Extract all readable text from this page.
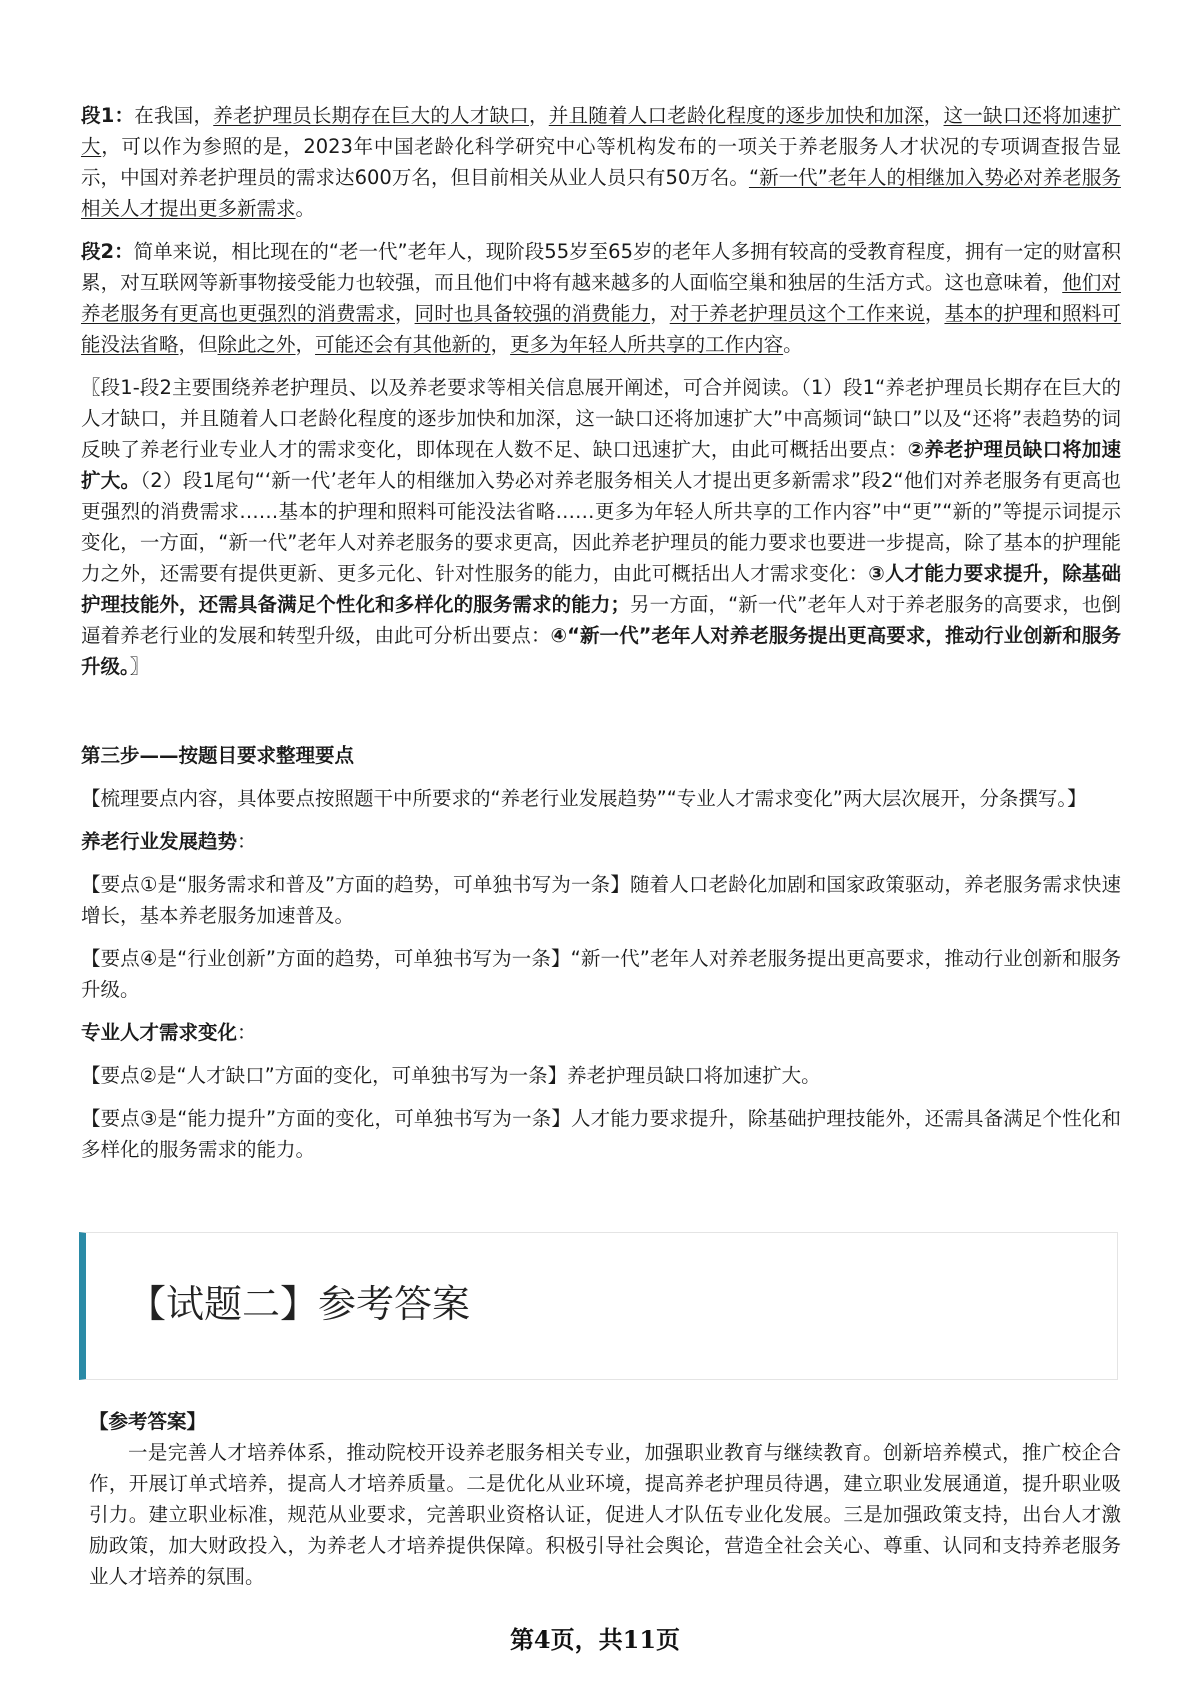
段1：在我国，养老护理员长期存在巨大的人才缺口，并且随着人口老龄化程度的逐步加快和加深，这一缺口还将加速扩大，可以作为参照的是，2023年中国老龄化科学研究中心等机构发布的一项关于养老服务人才状况的专项调查报告显示，中国对养老护理员的需求达600万名，但目前相关从业人员只有50万名。“新一代”老年人的相继加入势必对养老服务相关人才提出更多新需求。

段2：简单来说，相比现在的“老一代”老年人，现阶段55岁至65岁的老年人多拥有较高的受教育程度，拥有一定的财富积累，对互联网等新事物接受能力也较强，而且他们中将有越来越多的人面临空巢和独居的生活方式。这也意味着，他们对养老服务有更高也更强烈的消费需求，同时也具备较强的消费能力，对于养老护理员这个工作来说，基本的护理和照料可能没法省略，但除此之外，可能还会有其他新的，更多为年轻人所共享的工作内容。

〖段1-段2主要围绕养老护理员、以及养老要求等相关信息展开阐述，可合并阅读。（1）段1“养老护理员长期存在巨大的人才缺口，并且随着人口老龄化程度的逐步加快和加深，这一缺口还将加速扩大”中高频词“缺口”以及“还将”表趋势的词反映了养老行业专业人才的需求变化，即体现在人数不足、缺口迅速扩大，由此可概括出要点：②养老护理员缺口将加速扩大。（2）段1尾句“‘新一代’老年人的相继加入势必对养老服务相关人才提出更多新需求”段2“他们对养老服务有更高也更强烈的消费需求……基本的护理和照料可能没法省略……更多为年轻人所共享的工作内容”中“更”“新的”等提示词提示变化，一方面，“新一代”老年人对养老服务的要求更高，因此养老护理员的能力要求也要进一步提高，除了基本的护理能力之外，还需要有提供更新、更多元化、针对性服务的能力，由此可概括出人才需求变化：③人才能力要求提升，除基础护理技能外，还需具备满足个性化和多样化的服务需求的能力；另一方面，“新一代”老年人对于养老服务的高要求，也倒逼着养老行业的发展和转型升级，由此可分析出要点：④“新一代”老年人对养老服务提出更高要求，推动行业创新和服务升级。〗

第三步——按题目要求整理要点

【梳理要点内容，具体要点按照题干中所要求的“养老行业发展趋势”“专业人才需求变化”两大层次展开，分条撰写。】

养老行业发展趋势：

【要点①是“服务需求和普及”方面的趋势，可单独书写为一条】随着人口老龄化加剧和国家政策驱动，养老服务需求快速增长，基本养老服务加速普及。

【要点④是“行业创新”方面的趋势，可单独书写为一条】“新一代”老年人对养老服务提出更高要求，推动行业创新和服务升级。

专业人才需求变化：

【要点②是“人才缺口”方面的变化，可单独书写为一条】养老护理员缺口将加速扩大。

【要点③是“能力提升”方面的变化，可单独书写为一条】人才能力要求提升，除基础护理技能外，还需具备满足个性化和多样化的服务需求的能力。

【试题二】参考答案
【参考答案】

一是完善人才培养体系，推动院校开设养老服务相关专业，加强职业教育与继续教育。创新培养模式，推广校企合作，开展订单式培养，提高人才培养质量。二是优化从业环境，提高养老护理员待遇，建立职业发展通道，提升职业吸引力。建立职业标准，规范从业要求，完善职业资格认证，促进人才队伍专业化发展。三是加强政策支持，出台人才激励政策，加大财政投入，为养老人才培养提供保障。积极引导社会舆论，营造全社会关心、尊重、认同和支持养老服务业人才培养的氛围。

第4页，共11页
